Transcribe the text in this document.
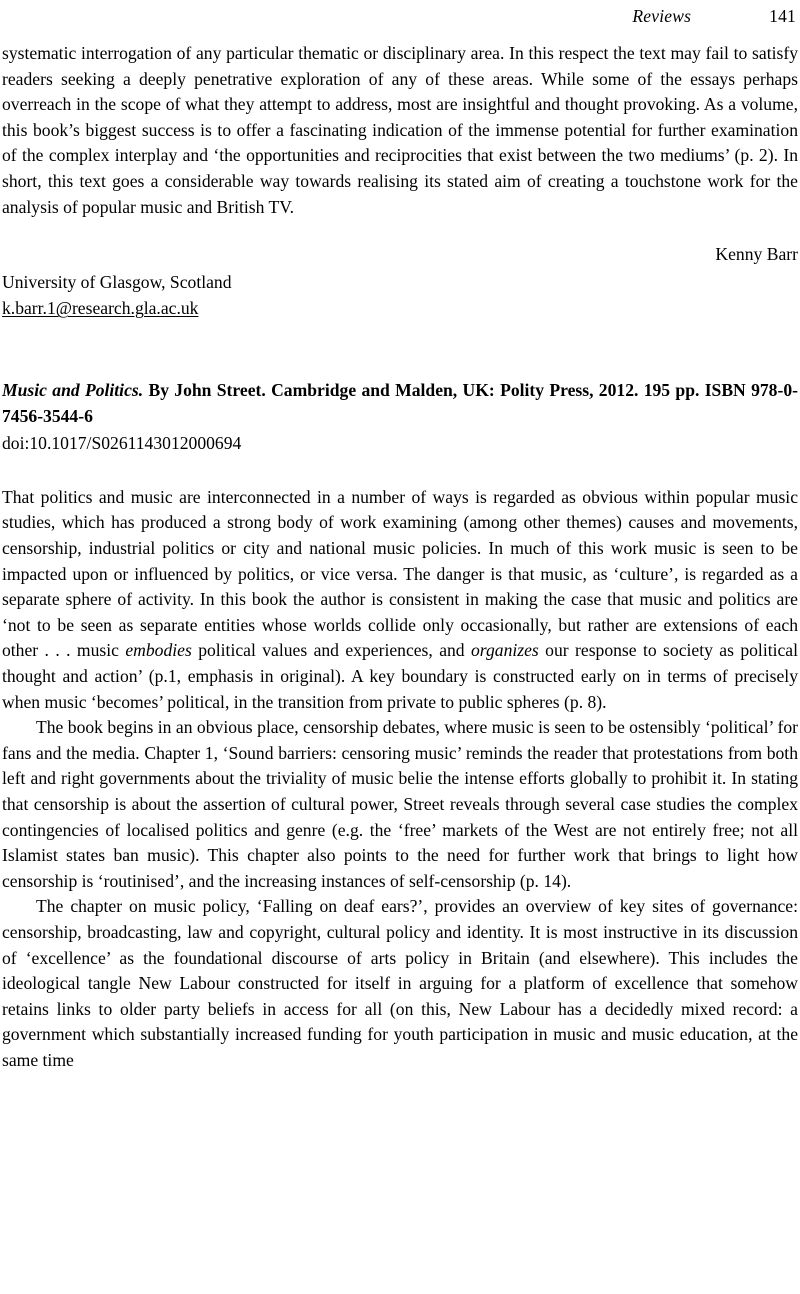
Reviews	141

systematic interrogation of any particular thematic or disciplinary area. In this respect the text may fail to satisfy readers seeking a deeply penetrative exploration of any of these areas. While some of the essays perhaps overreach in the scope of what they attempt to address, most are insightful and thought provoking. As a volume, this book’s biggest success is to offer a fascinating indication of the immense potential for further examination of the complex interplay and ‘the opportunities and reciprocities that exist between the two mediums’ (p. 2). In short, this text goes a considerable way towards realising its stated aim of creating a touchstone work for the analysis of popular music and British TV.

Kenny Barr

University of Glasgow, Scotland

k.barr.1@research.gla.ac.uk

Music and Politics. By John Street. Cambridge and Malden, UK: Polity Press, 2012. 195 pp. ISBN 978-0-7456-3544-6

doi:10.1017/S0261143012000694

That politics and music are interconnected in a number of ways is regarded as obvious within popular music studies, which has produced a strong body of work examining (among other themes) causes and movements, censorship, industrial politics or city and national music policies. In much of this work music is seen to be impacted upon or influenced by politics, or vice versa. The danger is that music, as ‘culture’, is regarded as a separate sphere of activity. In this book the author is consistent in making the case that music and politics are ‘not to be seen as separate entities whose worlds collide only occasionally, but rather are extensions of each other . . . music embodies political values and experiences, and organizes our response to society as political thought and action’ (p.1, emphasis in original). A key boundary is constructed early on in terms of precisely when music ‘becomes’ political, in the transition from private to public spheres (p. 8).

The book begins in an obvious place, censorship debates, where music is seen to be ostensibly ‘political’ for fans and the media. Chapter 1, ‘Sound barriers: censoring music’ reminds the reader that protestations from both left and right governments about the triviality of music belie the intense efforts globally to prohibit it. In stating that censorship is about the assertion of cultural power, Street reveals through several case studies the complex contingencies of localised politics and genre (e.g. the ‘free’ markets of the West are not entirely free; not all Islamist states ban music). This chapter also points to the need for further work that brings to light how censorship is ‘routinised’, and the increasing instances of self-censorship (p. 14).

The chapter on music policy, ‘Falling on deaf ears?’, provides an overview of key sites of governance: censorship, broadcasting, law and copyright, cultural policy and identity. It is most instructive in its discussion of ‘excellence’ as the foundational discourse of arts policy in Britain (and elsewhere). This includes the ideological tangle New Labour constructed for itself in arguing for a platform of excellence that somehow retains links to older party beliefs in access for all (on this, New Labour has a decidedly mixed record: a government which substantially increased funding for youth participation in music and music education, at the same time
